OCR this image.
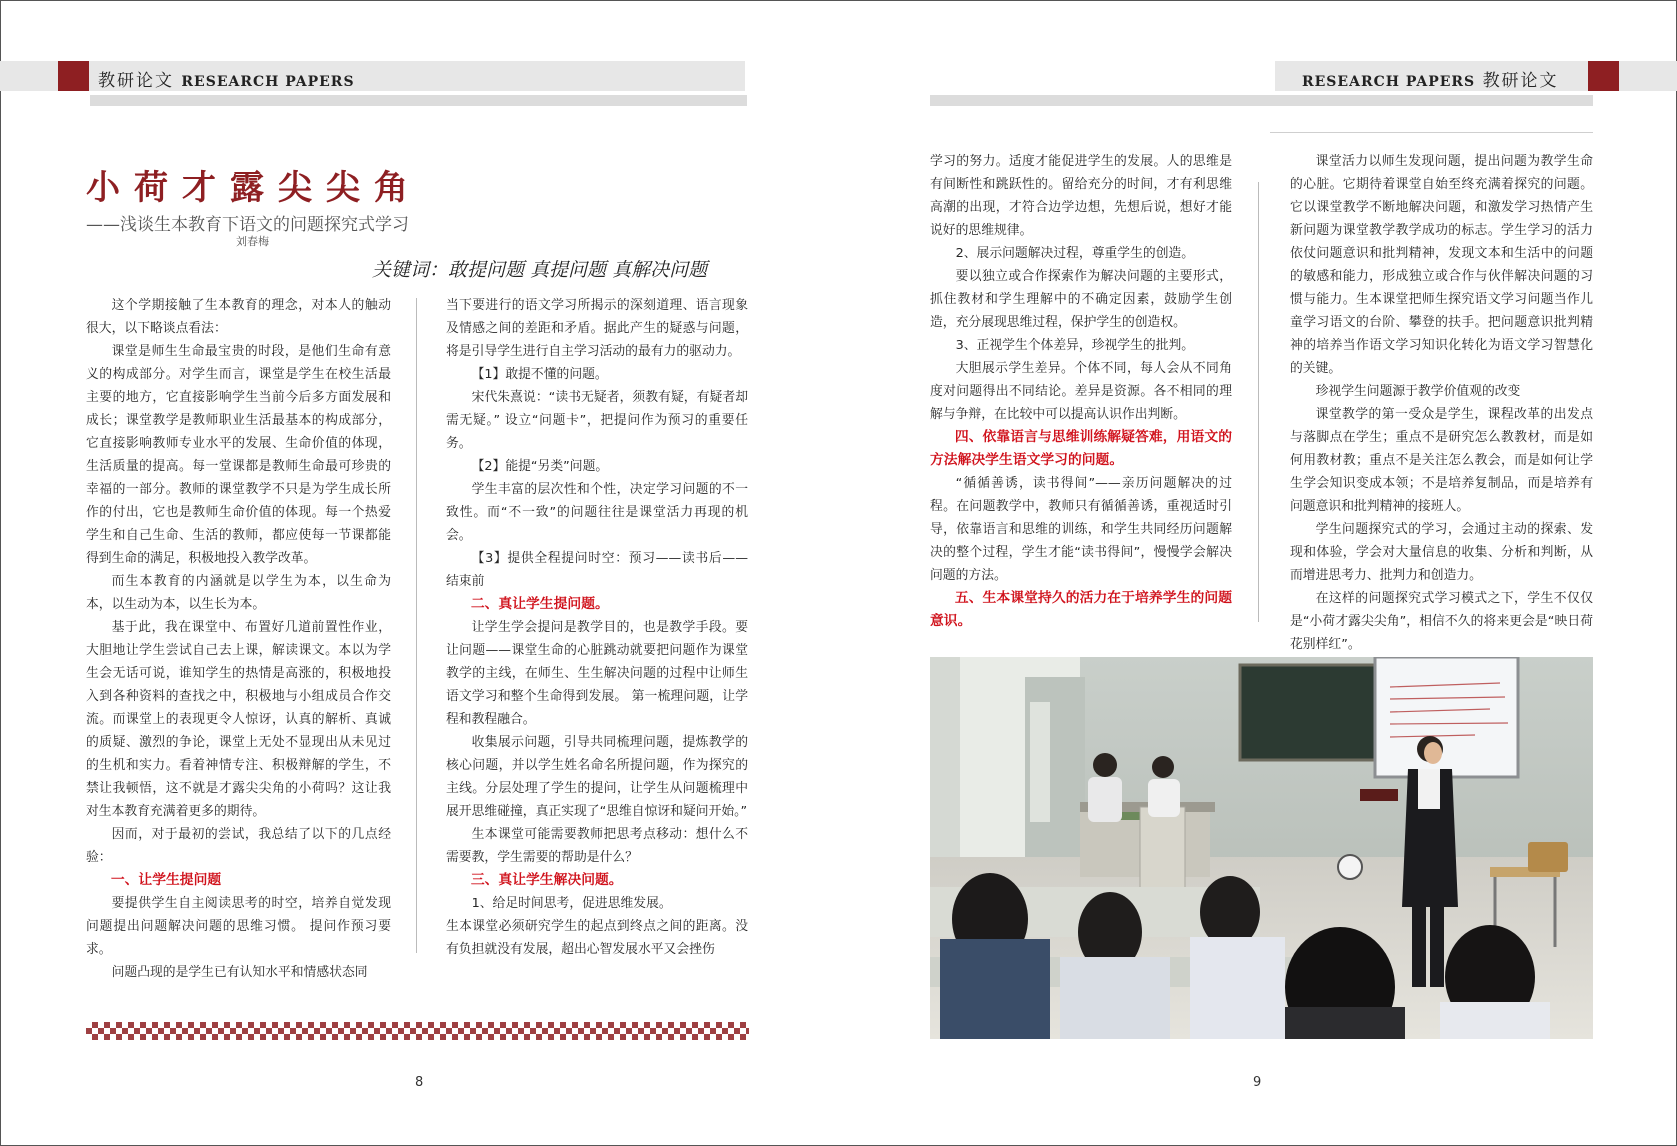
教研论文 RESEARCH PAPERS	RESEARCH PAPERS 教研论文
小荷才露尖尖角
——浅谈生本教育下语文的问题探究式学习
刘春梅
关键词：敢提问题 真提问题 真解决问题

这个学期接触了生本教育的理念，对本人的触动很大，以下略谈点看法：

课堂是师生生命最宝贵的时段，是他们生命有意义的构成部分。对学生而言，课堂是学生在校生活最主要的地方，它直接影响学生当前今后多方面发展和成长；课堂教学是教师职业生活最基本的构成部分，它直接影响教师专业水平的发展、生命价值的体现，生活质量的提高。每一堂课都是教师生命最可珍贵的幸福的一部分。教师的课堂教学不只是为学生成长所作的付出，它也是教师生命价值的体现。每一个热爱学生和自己生命、生活的教师，都应使每一节课都能得到生命的满足，积极地投入教学改革。

而生本教育的内涵就是以学生为本，以生命为本，以生动为本，以生长为本。

基于此，我在课堂中、布置好几道前置性作业，大胆地让学生尝试自己去上课，解读课文。本以为学生会无话可说，谁知学生的热情是高涨的，积极地投入到各种资料的查找之中，积极地与小组成员合作交流。而课堂上的表现更令人惊讶，认真的解析、真诚的质疑、激烈的争论，课堂上无处不显现出从未见过的生机和实力。看着神情专注、积极辩解的学生，不禁让我顿悟，这不就是才露尖尖角的小荷吗？这让我对生本教育充满着更多的期待。

因而，对于最初的尝试，我总结了以下的几点经验：

一、让学生提问题

要提供学生自主阅读思考的时空，培养自觉发现问题提出问题解决问题的思维习惯。 提问作预习要求。

问题凸现的是学生已有认知水平和情感状态同

当下要进行的语文学习所揭示的深刻道理、语言现象及情感之间的差距和矛盾。据此产生的疑惑与问题，将是引导学生进行自主学习活动的最有力的驱动力。

【1】敢提不懂的问题。

宋代朱熹说：“读书无疑者，须教有疑，有疑者却需无疑。” 设立“问题卡”，把提问作为预习的重要任务。

【2】能提“另类”问题。

学生丰富的层次性和个性，决定学习问题的不一致性。而“不一致”的问题往往是课堂活力再现的机会。

【3】提供全程提问时空：预习——读书后——结束前

二、真让学生提问题。

让学生学会提问是教学目的，也是教学手段。要让问题——课堂生命的心脏跳动就要把问题作为课堂教学的主线，在师生、生生解决问题的过程中让师生语文学习和整个生命得到发展。 第一梳理问题，让学程和教程融合。

收集展示问题，引导共同梳理问题，提炼教学的核心问题，并以学生姓名命名所提问题，作为探究的主线。分层处理了学生的提问，让学生从问题梳理中展开思维碰撞，真正实现了“思维自惊讶和疑问开始。”

生本课堂可能需要教师把思考点移动：想什么不需要教，学生需要的帮助是什么？

三、真让学生解决问题。

1、给足时间思考，促进思维发展。

生本课堂必须研究学生的起点到终点之间的距离。没有负担就没有发展，超出心智发展水平又会挫伤

学习的努力。适度才能促进学生的发展。人的思维是有间断性和跳跃性的。留给充分的时间，才有利思维高潮的出现，才符合边学边想，先想后说，想好才能说好的思维规律。

2、展示问题解决过程，尊重学生的创造。

要以独立或合作探索作为解决问题的主要形式，抓住教材和学生理解中的不确定因素，鼓励学生创造，充分展现思维过程，保护学生的创造权。

3、正视学生个体差异，珍视学生的批判。

大胆展示学生差异。个体不同，每人会从不同角度对问题得出不同结论。差异是资源。各不相同的理解与争辩，在比较中可以提高认识作出判断。

四、依靠语言与思维训练解疑答难，用语文的方法解决学生语文学习的问题。

“循循善诱，读书得间”——亲历问题解决的过程。在问题教学中，教师只有循循善诱，重视适时引导，依靠语言和思维的训练，和学生共同经历问题解决的整个过程，学生才能“读书得间”，慢慢学会解决问题的方法。

五、生本课堂持久的活力在于培养学生的问题意识。

课堂活力以师生发现问题，提出问题为教学生命的心脏。它期待着课堂自始至终充满着探究的问题。它以课堂教学不断地解决问题，和激发学习热情产生新问题为课堂教学教学成功的标志。学生学习的活力依仗问题意识和批判精神，发现文本和生活中的问题的敏感和能力，形成独立或合作与伙伴解决问题的习惯与能力。生本课堂把师生探究语文学习问题当作儿童学习语文的台阶、攀登的扶手。把问题意识批判精神的培养当作语文学习知识化转化为语文学习智慧化的关键。

珍视学生问题源于教学价值观的改变

课堂教学的第一受众是学生，课程改革的出发点与落脚点在学生；重点不是研究怎么教教材，而是如何用教材教；重点不是关注怎么教会，而是如何让学生学会知识变成本领；不是培养复制品，而是培养有问题意识和批判精神的接班人。

学生问题探究式的学习，会通过主动的探索、发现和体验，学会对大量信息的收集、分析和判断，从而增进思考力、批判力和创造力。

在这样的问题探究式学习模式之下，学生不仅仅是“小荷才露尖尖角”，相信不久的将来更会是“映日荷花别样红”。

8	9
